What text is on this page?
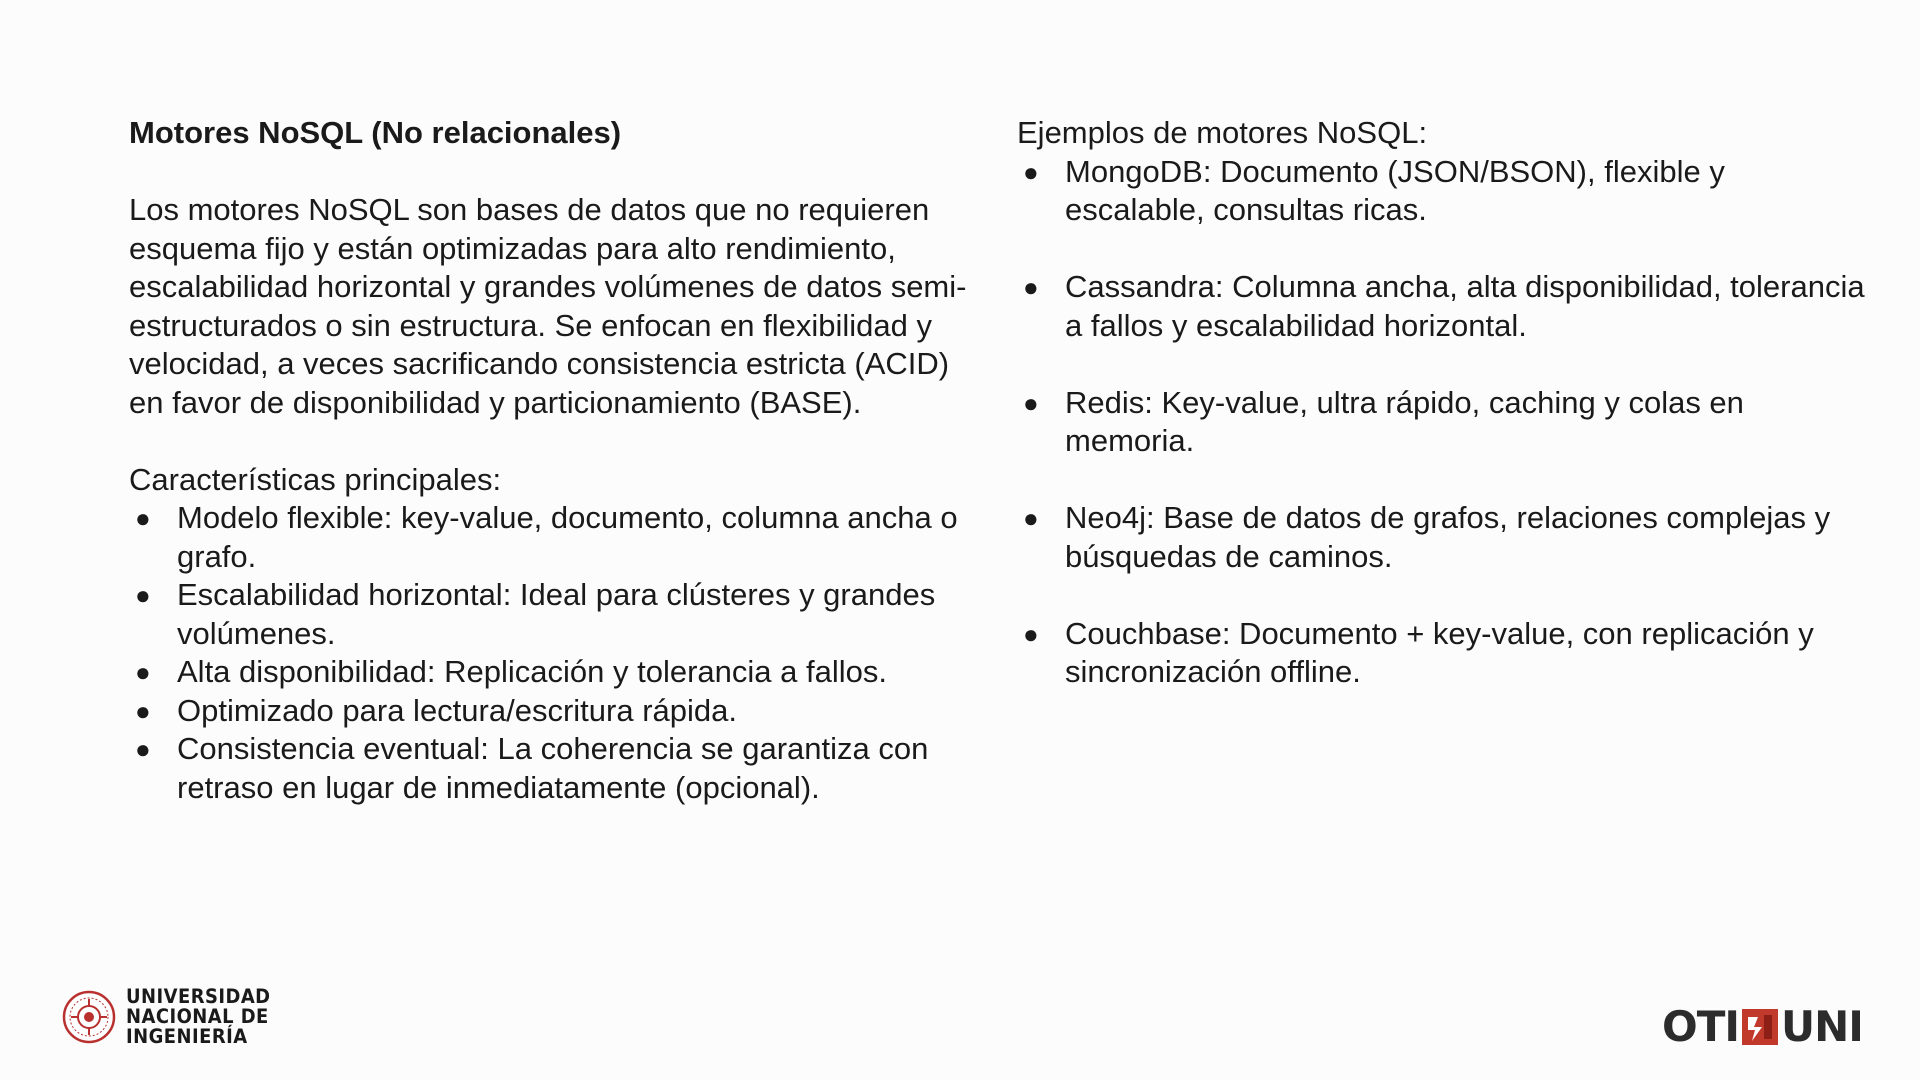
Motores NoSQL (No relacionales)

Los motores NoSQL son bases de datos que no requieren esquema fijo y están optimizadas para alto rendimiento, escalabilidad horizontal y grandes volúmenes de datos semi-estructurados o sin estructura. Se enfocan en flexibilidad y velocidad, a veces sacrificando consistencia estricta (ACID) en favor de disponibilidad y particionamiento (BASE).

Características principales:

● Modelo flexible: key-value, documento, columna ancha o grafo.
● Escalabilidad horizontal: Ideal para clústeres y grandes volúmenes.
● Alta disponibilidad: Replicación y tolerancia a fallos.
● Optimizado para lectura/escritura rápida.
● Consistencia eventual: La coherencia se garantiza con retraso en lugar de inmediatamente (opcional).

Ejemplos de motores NoSQL:

● MongoDB: Documento (JSON/BSON), flexible y escalable, consultas ricas.
● Cassandra: Columna ancha, alta disponibilidad, tolerancia a fallos y escalabilidad horizontal.
● Redis: Key-value, ultra rápido, caching y colas en memoria.
● Neo4j: Base de datos de grafos, relaciones complejas y búsquedas de caminos.
● Couchbase: Documento + key-value, con replicación y sincronización offline.
UNIVERSIDAD
NACIONAL DE
INGENIERÍA	OTI UNI
